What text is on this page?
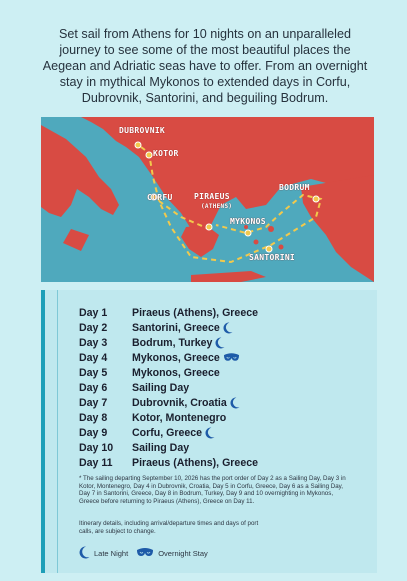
Set sail from Athens for 10 nights on an unparalleled journey to see some of the most beautiful places the Aegean and Adriatic seas have to offer. From an overnight stay in mythical Mykonos to extended days in Corfu, Dubrovnik, Santorini, and beguiling Bodrum.
DUBROVNIK
KOTOR
CORFU	PIRAEUS
(ATHENS)
MYKONOS
BODRUM
SANTORINI
Day 1	Piraeus (Athens), Greece
Day 2	Santorini, Greece
Day 3	Bodrum, Turkey
Day 4	Mykonos, Greece
Day 5	Mykonos, Greece
Day 6	Sailing Day
Day 7	Dubrovnik, Croatia
Day 8	Kotor, Montenegro
Day 9	Corfu, Greece
Day 10	Sailing Day
Day 11	Piraeus (Athens), Greece
* The sailing departing September 10, 2026 has the port order of Day 2 as a Sailing Day, Day 3 in Kotor, Montenegro, Day 4 in Dubrovnik, Croatia, Day 5 in Corfu, Greece, Day 6 as a Sailing Day, Day 7 in Santorini, Greece, Day 8 in Bodrum, Turkey, Day 9 and 10 overnighting in Mykonos, Greece before returning to Piraeus (Athens), Greece on Day 11.
Itinerary details, including arrival/departure times and days of port calls, are subject to change.
Late Night	Overnight Stay
